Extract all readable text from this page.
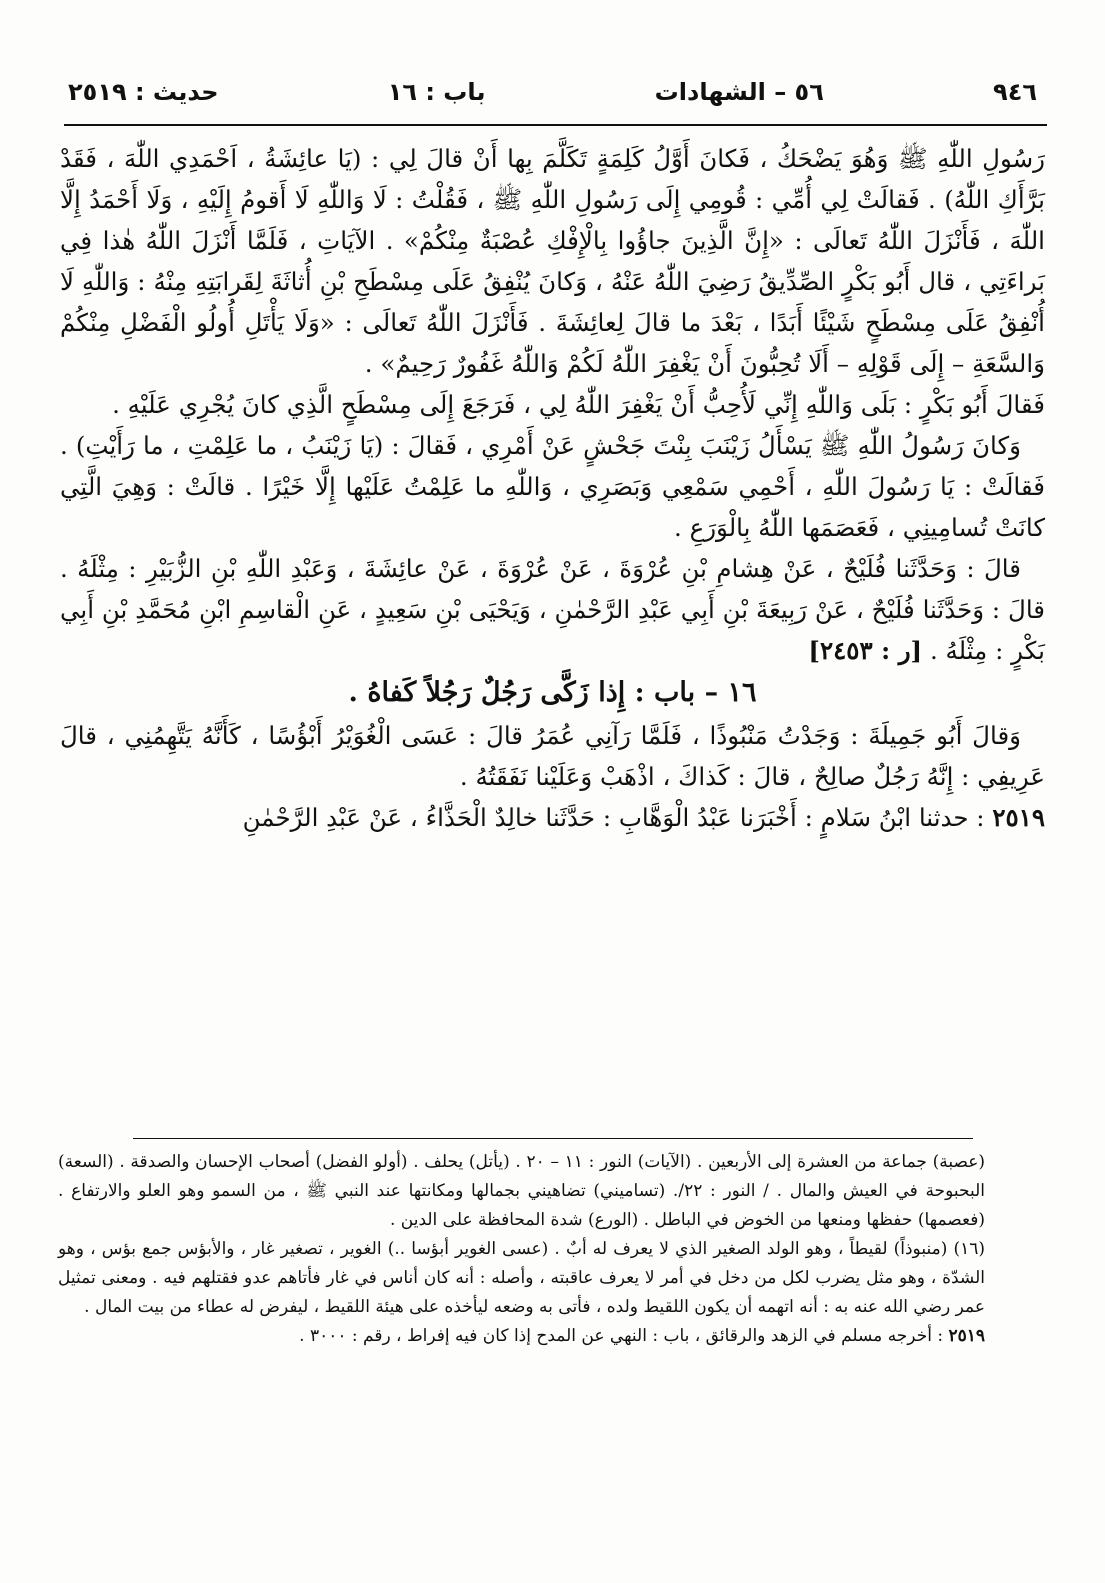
٩٤٦
٥٦ – الشهادات
باب : ١٦
حديث : ٢٥١٩

رَسُولِ اللّٰهِ ﷺ وَهُوَ يَضْحَكُ ، فَكانَ أَوَّلُ كَلِمَةٍ تَكَلَّمَ بِها أَنْ قالَ لِي : (يَا عائِشَةُ ، اَحْمَدِي اللّٰهَ ، فَقَدْ بَرَّأَكِ اللّٰهُ) . فَقالَتْ لِي أُمِّي : قُومِي إِلَى رَسُولِ اللّٰهِ ﷺ ، فَقُلْتُ : لَا وَاللّٰهِ لَا أَقومُ إِلَيْهِ ، وَلَا أَحْمَدُ إِلَّا اللّٰهَ ، فَأَنْزَلَ اللّٰهُ تَعالَى : «إِنَّ الَّذِينَ جاؤُوا بِالْإِفْكِ عُصْبَةٌ مِنْكُمْ» . الآيَاتِ ، فَلَمَّا أَنْزَلَ اللّٰهُ هٰذا فِي بَراءَتِي ، قال أَبُو بَكْرٍ الصِّدِّيقُ رَضِيَ اللّٰهُ عَنْهُ ، وَكانَ يُنْفِقُ عَلَى مِسْطَحِ بْنِ أُثاثَةَ لِقَرابَتِهِ مِنْهُ : وَاللّٰهِ لَا أُنْفِقُ عَلَى مِسْطَحٍ شَيْئًا أَبَدًا ، بَعْدَ ما قالَ لِعائِشَةَ . فَأَنْزَلَ اللّٰهُ تَعالَى : «وَلَا يَأْتَلِ أُولُو الْفَضْلِ مِنْكُمْ وَالسَّعَةِ – إِلَى قَوْلِهِ – أَلَا تُحِبُّونَ أَنْ يَغْفِرَ اللّٰهُ لَكُمْ وَاللّٰهُ غَفُورٌ رَحِيمٌ» .

فَقالَ أَبُو بَكْرٍ : بَلَى وَاللّٰهِ إِنِّي لَأُحِبُّ أَنْ يَغْفِرَ اللّٰهُ لِي ، فَرَجَعَ إِلَى مِسْطَحٍ الَّذِي كانَ يُجْرِي عَلَيْهِ .

وَكانَ رَسُولُ اللّٰهِ ﷺ يَسْأَلُ زَيْنَبَ بِنْتَ جَحْشٍ عَنْ أَمْرِي ، فَقالَ : (يَا زَيْنَبُ ، ما عَلِمْتِ ، ما رَأَيْتِ) . فَقالَتْ : يَا رَسُولَ اللّٰهِ ، أَحْمِي سَمْعِي وَبَصَرِي ، وَاللّٰهِ ما عَلِمْتُ عَلَيْها إِلَّا خَيْرًا . قالَتْ : وَهِيَ الَّتِي كانَتْ تُسامِينِي ، فَعَصَمَها اللّٰهُ بِالْوَرَعِ .

قالَ : وَحَدَّثَنا فُلَيْحٌ ، عَنْ هِشامِ بْنِ عُرْوَةَ ، عَنْ عُرْوَةَ ، عَنْ عائِشَةَ ، وَعَبْدِ اللّٰهِ بْنِ الزُّبَيْرِ : مِثْلَهُ . قالَ : وَحَدَّثَنا فُلَيْحٌ ، عَنْ رَبِيعَةَ بْنِ أَبِي عَبْدِ الرَّحْمٰنِ ، وَيَحْيَى بْنِ سَعِيدٍ ، عَنِ الْقاسِمِ ابْنِ مُحَمَّدِ بْنِ أَبِي بَكْرٍ : مِثْلَهُ . [ر : ٢٤٥٣]

١٦ – باب : إِذا زَكَّى رَجُلٌ رَجُلاً كَفاهُ .

وَقالَ أَبُو جَمِيلَةَ : وَجَدْتُ مَنْبُوذًا ، فَلَمَّا رَآنِي عُمَرُ قالَ : عَسَى الْغُوَيْرُ أَبْؤُسًا ، كَأَنَّهُ يَتَّهِمُنِي ، قالَ عَرِيفِي : إِنَّهُ رَجُلٌ صالِحٌ ، قالَ : كَذاكَ ، اذْهَبْ وَعَلَيْنا نَفَقَتُهُ .

٢٥١٩ : حدثنا ابْنُ سَلامٍ : أَخْبَرَنا عَبْدُ الْوَهَّابِ : حَدَّثَنا خالِدٌ الْحَذَّاءُ ، عَنْ عَبْدِ الرَّحْمٰنِ

(عصبة) جماعة من العشرة إلى الأربعين . (الآيات) النور : ١١ – ٢٠ . (يأتل) يحلف . (أولو الفضل) أصحاب الإحسان والصدقة . (السعة) البحبوحة في العيش والمال . / النور : ٢٢/. (تساميني) تضاهيني بجمالها ومكانتها عند النبي ﷺ ، من السمو وهو العلو والارتفاع . (فعصمها) حفظها ومنعها من الخوض في الباطل . (الورع) شدة المحافظة على الدين .

(١٦) (منبوذاً) لقيطاً ، وهو الولد الصغير الذي لا يعرف له أبٌ . (عسى الغوير أبؤسا ..) الغوير ، تصغير غار ، والأبؤس جمع بؤس ، وهو الشدّة ، وهو مثل يضرب لكل من دخل في أمر لا يعرف عاقبته ، وأصله : أنه كان أناس في غار فأتاهم عدو فقتلهم فيه . ومعنى تمثيل عمر رضي الله عنه به : أنه اتهمه أن يكون اللقيط ولده ، فأتى به وضعه ليأخذه على هيئة اللقيط ، ليفرض له عطاء من بيت المال .

٢٥١٩ : أخرجه مسلم في الزهد والرقائق ، باب : النهي عن المدح إذا كان فيه إفراط ، رقم : ٣٠٠٠ .
